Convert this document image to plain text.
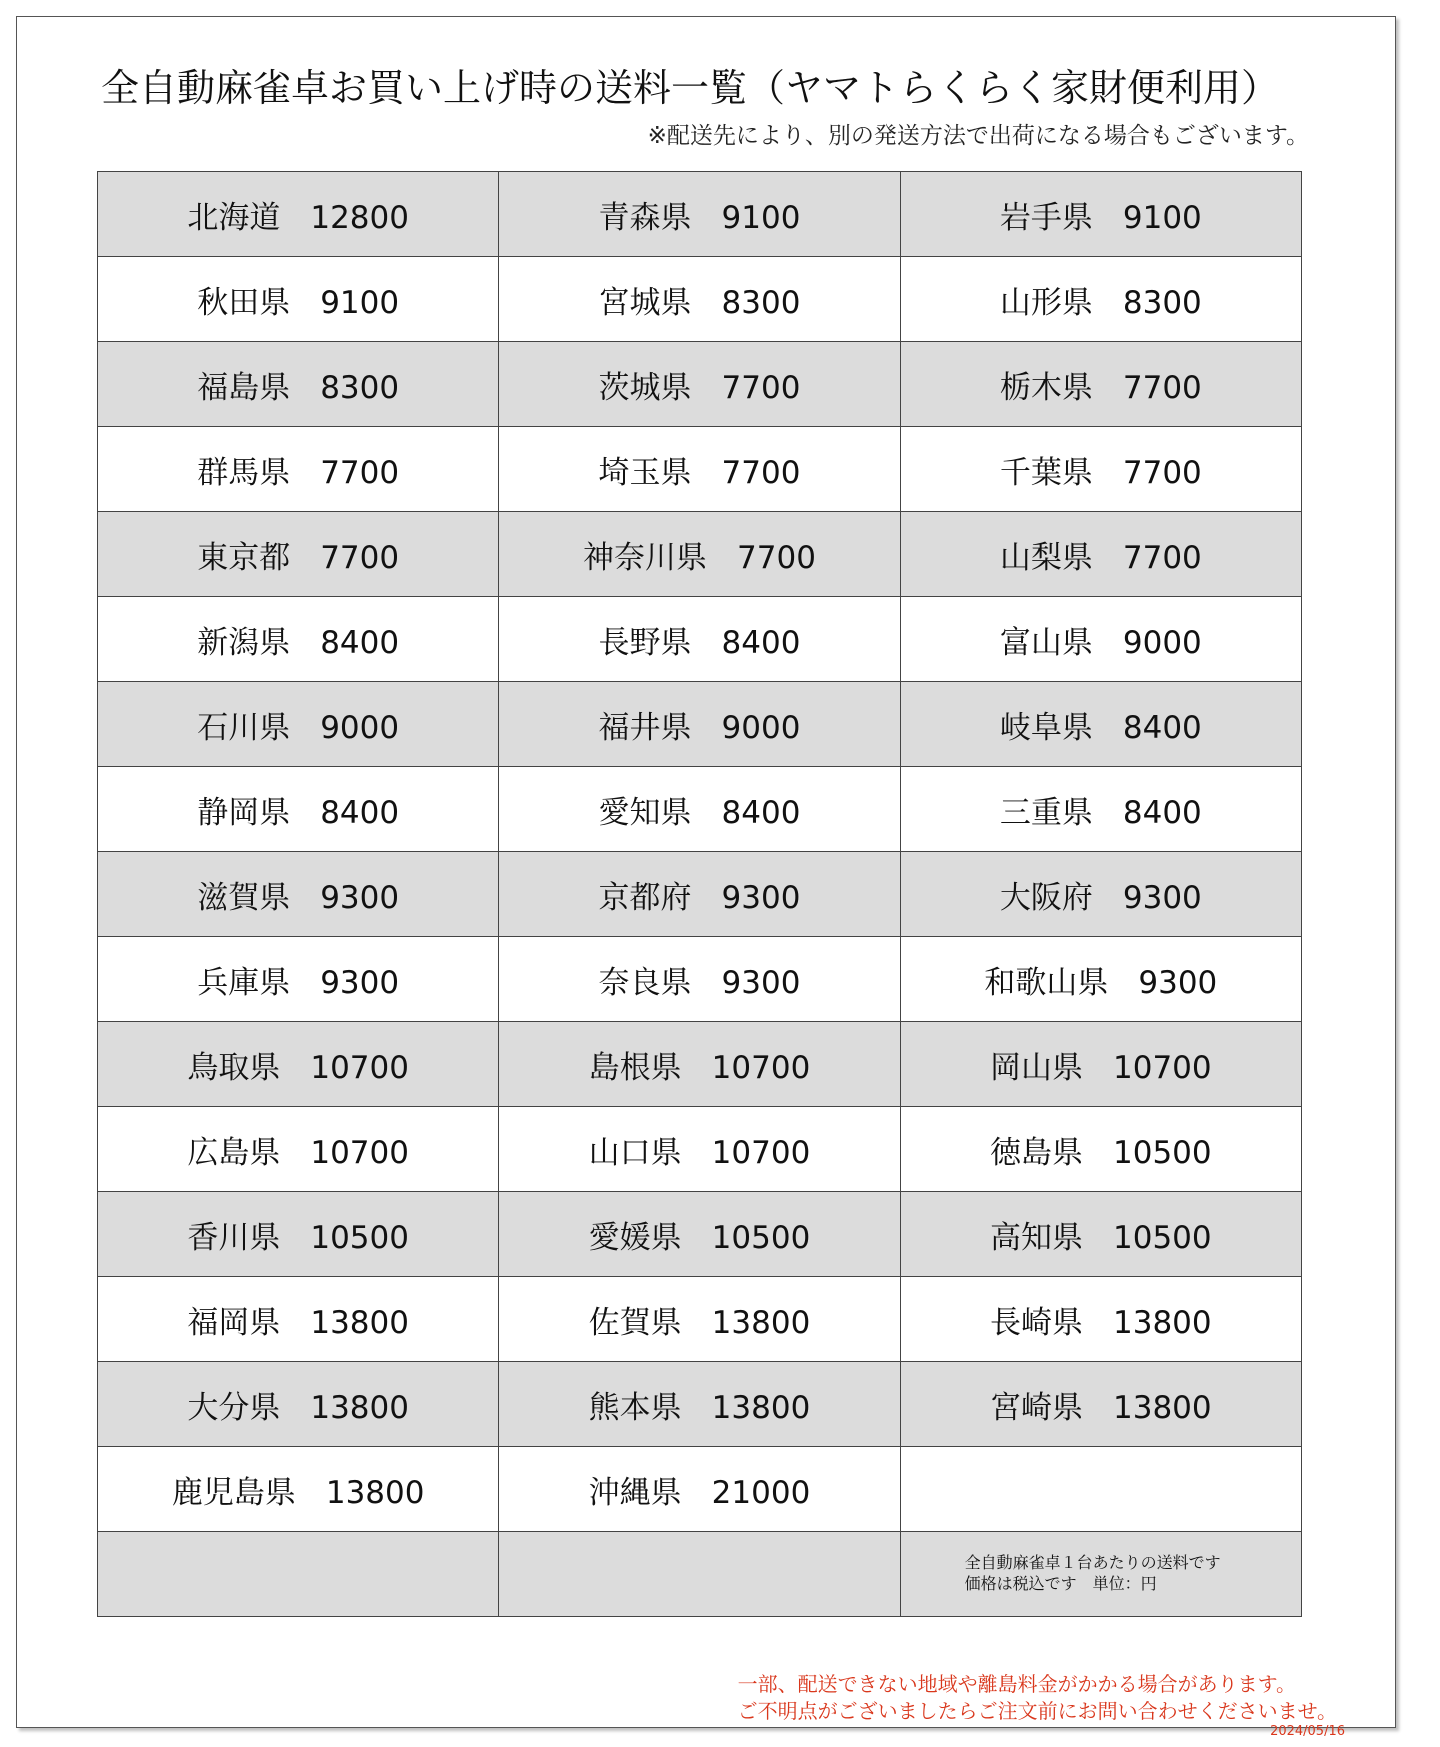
全自動麻雀卓お買い上げ時の送料一覧（ヤマトらくらく家財便利用）
※配送先により、別の発送方法で出荷になる場合もございます。
北海道 12800	青森県 9100	岩手県 9100
秋田県 9100	宮城県 8300	山形県 8300
福島県 8300	茨城県 7700	栃木県 7700
群馬県 7700	埼玉県 7700	千葉県 7700
東京都 7700	神奈川県 7700	山梨県 7700
新潟県 8400	長野県 8400	富山県 9000
石川県 9000	福井県 9000	岐阜県 8400
静岡県 8400	愛知県 8400	三重県 8400
滋賀県 9300	京都府 9300	大阪府 9300
兵庫県 9300	奈良県 9300	和歌山県 9300
鳥取県 10700	島根県 10700	岡山県 10700
広島県 10700	山口県 10700	徳島県 10500
香川県 10500	愛媛県 10500	高知県 10500
福岡県 13800	佐賀県 13800	長崎県 13800
大分県 13800	熊本県 13800	宮崎県 13800
鹿児島県 13800	沖縄県 21000	
		全自動麻雀卓１台あたりの送料です
価格は税込です　単位：円
一部、配送できない地域や離島料金がかかる場合があります。
ご不明点がございましたらご注文前にお問い合わせくださいませ。
2024/05/16
